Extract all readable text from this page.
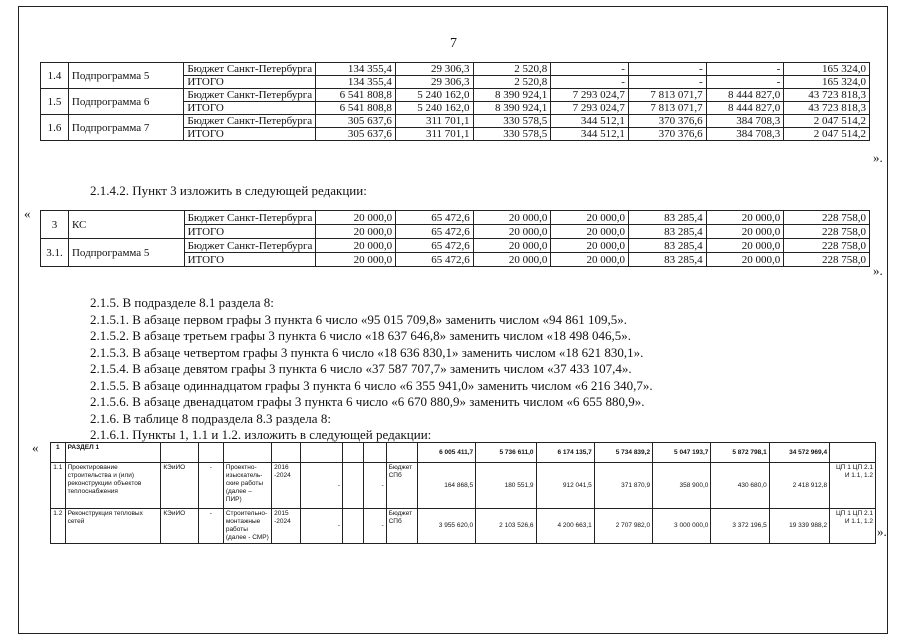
7
1.4	Подпрограмма 5	Бюджет Санкт-Петербурга	134 355,4	29 306,3	2 520,8	-	-	-	165 324,0
		ИТОГО	134 355,4	29 306,3	2 520,8	-	-	-	165 324,0
1.5	Подпрограмма 6	Бюджет Санкт-Петербурга	6 541 808,8	5 240 162,0	8 390 924,1	7 293 024,7	7 813 071,7	8 444 827,0	43 723 818,3
		ИТОГО	6 541 808,8	5 240 162,0	8 390 924,1	7 293 024,7	7 813 071,7	8 444 827,0	43 723 818,3
1.6	Подпрограмма 7	Бюджет Санкт-Петербурга	305 637,6	311 701,1	330 578,5	344 512,1	370 376,6	384 708,3	2 047 514,2
		ИТОГО	305 637,6	311 701,1	330 578,5	344 512,1	370 376,6	384 708,3	2 047 514,2
».
2.1.4.2. Пункт 3 изложить в следующей редакции:
«
3	КС	Бюджет Санкт-Петербурга	20 000,0	65 472,6	20 000,0	20 000,0	83 285,4	20 000,0	228 758,0
		ИТОГО	20 000,0	65 472,6	20 000,0	20 000,0	83 285,4	20 000,0	228 758,0
3.1.	Подпрограмма 5	Бюджет Санкт-Петербурга	20 000,0	65 472,6	20 000,0	20 000,0	83 285,4	20 000,0	228 758,0
		ИТОГО	20 000,0	65 472,6	20 000,0	20 000,0	83 285,4	20 000,0	228 758,0
».
2.1.5. В подразделе 8.1 раздела 8:
2.1.5.1. В абзаце первом графы 3 пункта 6 число «95 015 709,8» заменить числом «94 861 109,5».
2.1.5.2. В абзаце третьем графы 3 пункта 6 число «18 637 646,8» заменить числом «18 498 046,5».
2.1.5.3. В абзаце четвертом графы 3 пункта 6 число «18 636 830,1» заменить числом «18 621 830,1».
2.1.5.4. В абзаце девятом графы 3 пункта 6 число «37 587 707,7» заменить числом «37 433 107,4».
2.1.5.5. В абзаце одиннадцатом графы 3 пункта 6 число «6 355 941,0» заменить числом «6 216 340,7».
2.1.5.6. В абзаце двенадцатом графы 3 пункта 6 число «6 670 880,9» заменить числом «6 655 880,9».
2.1.6. В таблице 8 подраздела 8.3 раздела 8:
2.1.6.1. Пункты 1, 1.1 и 1.2. изложить в следующей редакции:
«	1	РАЗДЕЛ 1									6 005 411,7	5 736 611,0	6 174 135,7	5 734 839,2	5 047 193,7	5 872 798,1	34 572 969,4	
1.1	Проектирование строительства и (или) реконструкции объектов теплоснабжения	КЭиИО	-	Проектно-изыскатель-ские работы (далее – ПИР)	2016 -2024	-		-	Бюджет СПб	164 868,5	180 551,9	912 041,5	371 870,9	358 900,0	430 680,0	2 418 912,8	ЦП 1 ЦП 2.1 И 1.1, 1.2
1.2	Реконструкция тепловых сетей	КЭиИО	-	Строительно-монтажные работы (далее - СМР)	2015 -2024	-		-	Бюджет СПб	3 955 620,0	2 103 526,6	4 200 663,1	2 707 982,0	3 000 000,0	3 372 196,5	19 339 988,2	ЦП 1 ЦП 2.1 И 1.1, 1.2
».
